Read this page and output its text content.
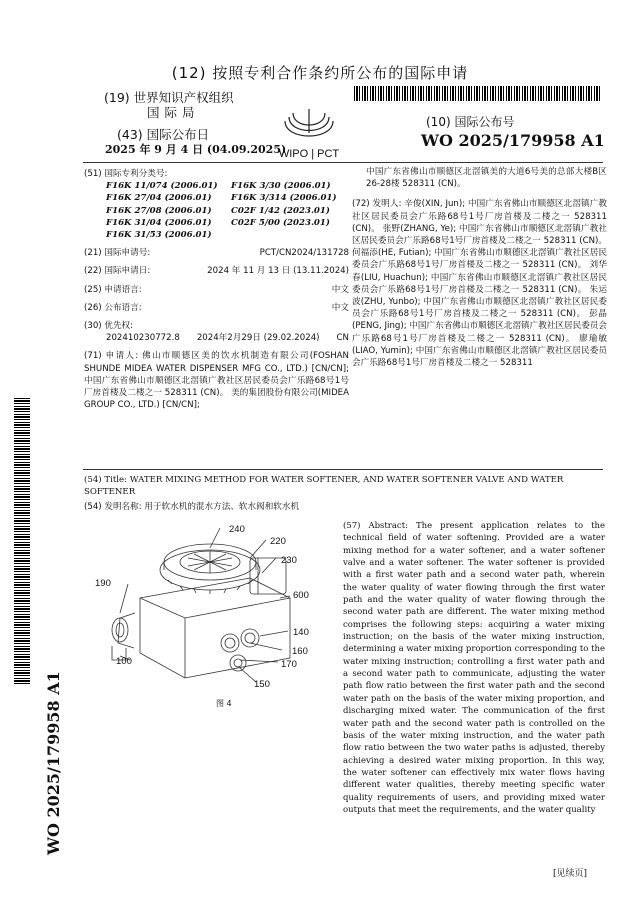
(12) 按照专利合作条约所公布的国际申请
(19) 世界知识产权组织
国际局
(43) 国际公布日
2025 年 9 月 4 日 (04.09.2025)
WIPO | PCT
(10) 国际公布号
WO 2025/179958 A1
WO 2025/179958 A1
(51) 国际专利分类号:
F16K 11/074 (2006.01)	F16K 3/30 (2006.01)
F16K 27/04 (2006.01)	F16K 3/314 (2006.01)
F16K 27/08 (2006.01)	C02F 1/42 (2023.01)
F16K 31/04 (2006.01)	C02F 5/00 (2023.01)
F16K 31/53 (2006.01)
(21) 国际申请号:	PCT/CN2024/131728
(22) 国际申请日:	2024 年 11 月 13 日 (13.11.2024)
(25) 申请语言:	中文
(26) 公布语言:	中文
(30) 优先权:
202410230772.8 2024年2月29日 (29.02.2024) CN
(71) 申请人: 佛山市顺德区美的饮水机制造有限公司(FOSHAN SHUNDE MIDEA WATER DISPENSER MFG CO., LTD.) [CN/CN]; 中国广东省佛山市顺德区北滘镇广教社区居民委员会广乐路68号1号厂房首楼及二楼之一 528311 (CN)。 美的集团股份有限公司(MIDEA GROUP CO., LTD.) [CN/CN];
中国广东省佛山市顺德区北滘镇美的大道6号美的总部大楼B区26-28楼 528311 (CN)。
(72) 发明人: 辛俊(XIN, Jun); 中国广东省佛山市顺德区北滘镇广教社区居民委员会广乐路68号1号厂房首楼及二楼之一 528311 (CN)。 张野(ZHANG, Ye); 中国广东省佛山市顺德区北滘镇广教社区居民委员会广乐路68号1号厂房首楼及二楼之一 528311 (CN)。 何福添(HE, Futian); 中国广东省佛山市顺德区北滘镇广教社区居民委员会广乐路68号1号厂房首楼及二楼之一 528311 (CN)。 刘华春(LIU, Huachun); 中国广东省佛山市顺德区北滘镇广教社区居民委员会广乐路68号1号厂房首楼及二楼之一 528311 (CN)。 朱运波(ZHU, Yunbo); 中国广东省佛山市顺德区北滘镇广教社区居民委员会广乐路68号1号厂房首楼及二楼之一 528311 (CN)。 彭晶(PENG, Jing); 中国广东省佛山市顺德区北滘镇广教社区居民委员会广乐路68号1号厂房首楼及二楼之一 528311 (CN)。 廖瑜敏(LIAO, Yumin); 中国广东省佛山市顺德区北滘镇广教社区居民委员会广乐路68号1号厂房首楼及二楼之一 528311
(54) Title: WATER MIXING METHOD FOR WATER SOFTENER, AND WATER SOFTENER VALVE AND WATER SOFTENER
(54) 发明名称: 用于软水机的混水方法、软水阀和软水机
240
220
230
190
600
140
160
170
100
150
图 4
(57) Abstract: The present application relates to the technical field of water softening. Provided are a water mixing method for a water softener, and a water softener valve and a water softener. The water softener is provided with a first water path and a second water path, wherein the water quality of water flowing through the first water path and the water quality of water flowing through the second water path are different. The water mixing method comprises the following steps: acquiring a water mixing instruction; on the basis of the water mixing instruction, determining a water mixing proportion corresponding to the water mixing instruction; controlling a first water path and a second water path to communicate, adjusting the water path flow ratio between the first water path and the second water path on the basis of the water mixing proportion, and discharging mixed water. The communication of the first water path and the second water path is controlled on the basis of the water mixing instruction, and the water path flow ratio between the two water paths is adjusted, thereby achieving a desired water mixing proportion. In this way, the water softener can effectively mix water flows having different water qualities, thereby meeting specific water quality requirements of users, and providing mixed water outputs that meet the requirements, and the water quality
[见续页]
